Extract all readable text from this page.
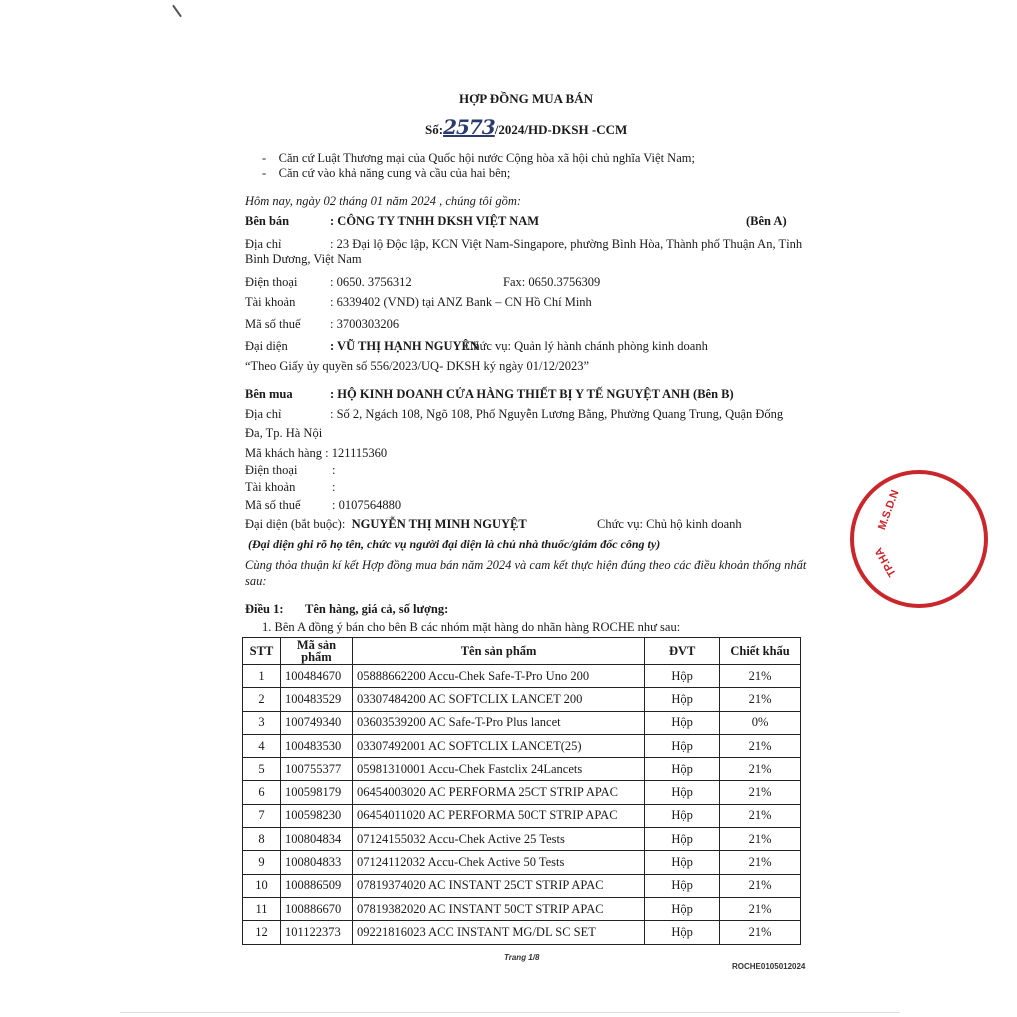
HỢP ĐỒNG MUA BÁN
Số:2573/2024/HD-DKSH -CCM
-    Căn cứ Luật Thương mại của Quốc hội nước Cộng hòa xã hội chủ nghĩa Việt Nam;
-    Căn cứ vào khả năng cung và cầu của hai bên;
Hôm nay, ngày 02 tháng 01 năm 2024 , chúng tôi gồm:
Bên bán	: CÔNG TY TNHH DKSH VIỆT NAM	(Bên A)
Địa chỉ	: 23 Đại lộ Độc lập, KCN Việt Nam-Singapore, phường Bình Hòa, Thành phố Thuận An, Tỉnh
Bình Dương, Việt Nam
Điện thoại	: 0650. 3756312	Fax: 0650.3756309
Tài khoản	: 6339402 (VND) tại ANZ Bank – CN Hồ Chí Minh
Mã số thuế : 3700303206
Đại diện	: VŨ THỊ HẠNH NGUYÊN
Chức vụ: Quản lý hành chánh phòng kinh doanh
“Theo Giấy ủy quyền số 556/2023/UQ- DKSH ký ngày 01/12/2023”
Bên mua	: HỘ KINH DOANH CỬA HÀNG THIẾT BỊ Y TẾ NGUYỆT ANH (Bên B)
Địa chỉ	: Số 2, Ngách 108, Ngõ 108, Phố Nguyễn Lương Bằng, Phường Quang Trung, Quận Đống
Đa, Tp. Hà Nội
Mã khách hàng : 121115360
Điện thoại	:
Tài khoản	:
Mã số thuế	: 0107564880
Đại diện (bắt buộc): NGUYỄN THỊ MINH NGUYỆT	Chức vụ: Chủ hộ kinh doanh
(Đại diện ghi rõ họ tên, chức vụ người đại diện là chủ nhà thuốc/giám đốc công ty)
Cùng thỏa thuận kí kết Hợp đồng mua bán năm 2024 và cam kết thực hiện đúng theo các điều khoản thống nhất
sau:
Điều 1: Tên hàng, giá cả, số lượng:
1. Bên A đồng ý bán cho bên B các nhóm mặt hàng do nhãn hàng ROCHE như sau:
STT	Mã sản phẩm	Tên sản phẩm	ĐVT	Chiết khấu
1	100484670	05888662200 Accu-Chek Safe-T-Pro Uno 200	Hộp	21%
2	100483529	03307484200 AC SOFTCLIX LANCET 200	Hộp	21%
3	100749340	03603539200 AC Safe-T-Pro Plus lancet	Hộp	0%
4	100483530	03307492001 AC SOFTCLIX LANCET(25)	Hộp	21%
5	100755377	05981310001 Accu-Chek Fastclix 24Lancets	Hộp	21%
6	100598179	06454003020 AC PERFORMA 25CT STRIP APAC	Hộp	21%
7	100598230	06454011020 AC PERFORMA 50CT STRIP APAC	Hộp	21%
8	100804834	07124155032 Accu-Chek Active 25 Tests	Hộp	21%
9	100804833	07124112032 Accu-Chek Active 50 Tests	Hộp	21%
10	100886509	07819374020 AC INSTANT 25CT STRIP APAC	Hộp	21%
11	100886670	07819382020 AC INSTANT 50CT STRIP APAC	Hộp	21%
12	101122373	09221816023 ACC INSTANT MG/DL SC SET	Hộp	21%
Trang 1/8
ROCHE0105012024
M.S.D.N
TP.HA
